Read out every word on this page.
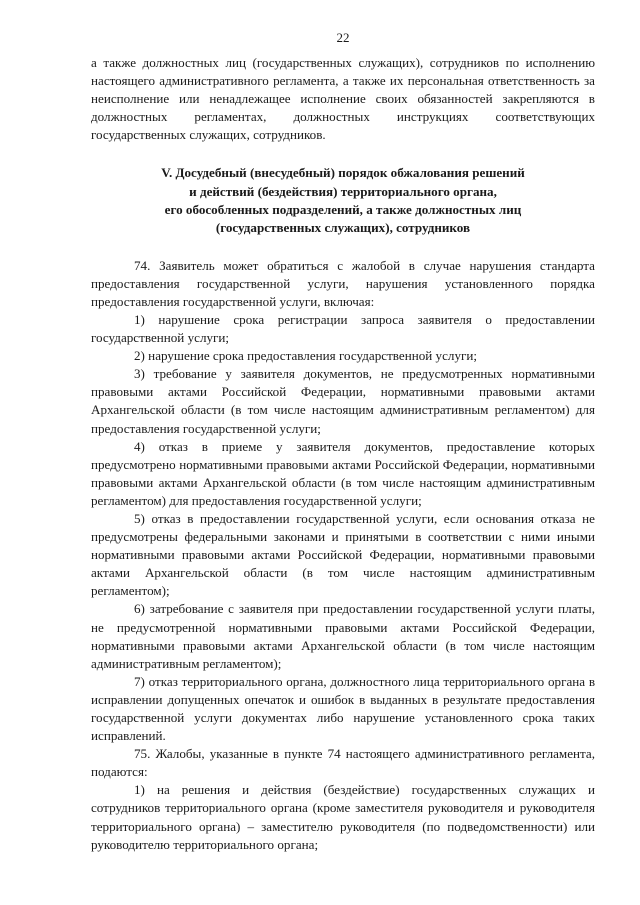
22

а также должностных лиц (государственных служащих), сотрудников по исполнению настоящего административного регламента, а также их персональная ответственность за неисполнение или ненадлежащее исполнение своих обязанностей закрепляются в должностных регламентах, должностных инструкциях соответствующих государственных служащих, сотрудников.

V. Досудебный (внесудебный) порядок обжалования решений
и действий (бездействия) территориального органа,
его обособленных подразделений, а также должностных лиц
(государственных служащих), сотрудников

74. Заявитель может обратиться с жалобой в случае нарушения стандарта предоставления государственной услуги, нарушения установленного порядка предоставления государственной услуги, включая:

1) нарушение срока регистрации запроса заявителя о предоставлении государственной услуги;

2) нарушение срока предоставления государственной услуги;

3) требование у заявителя документов, не предусмотренных нормативными правовыми актами Российской Федерации, нормативными правовыми актами Архангельской области (в том числе настоящим административным регламентом) для предоставления государственной услуги;

4) отказ в приеме у заявителя документов, предоставление которых предусмотрено нормативными правовыми актами Российской Федерации, нормативными правовыми актами Архангельской области (в том числе настоящим административным регламентом) для предоставления государственной услуги;

5) отказ в предоставлении государственной услуги, если основания отказа не предусмотрены федеральными законами и принятыми в соответствии с ними иными нормативными правовыми актами Российской Федерации, нормативными правовыми актами Архангельской области (в том числе настоящим административным регламентом);

6) затребование с заявителя при предоставлении государственной услуги платы, не предусмотренной нормативными правовыми актами Российской Федерации, нормативными правовыми актами Архангельской области (в том числе настоящим административным регламентом);

7) отказ территориального органа, должностного лица территориального органа в исправлении допущенных опечаток и ошибок в выданных в результате предоставления государственной услуги документах либо нарушение установленного срока таких исправлений.

75. Жалобы, указанные в пункте 74 настоящего административного регламента, подаются:

1) на решения и действия (бездействие) государственных служащих и сотрудников территориального органа (кроме заместителя руководителя и руководителя территориального органа) – заместителю руководителя (по подведомственности) или руководителю территориального органа;
